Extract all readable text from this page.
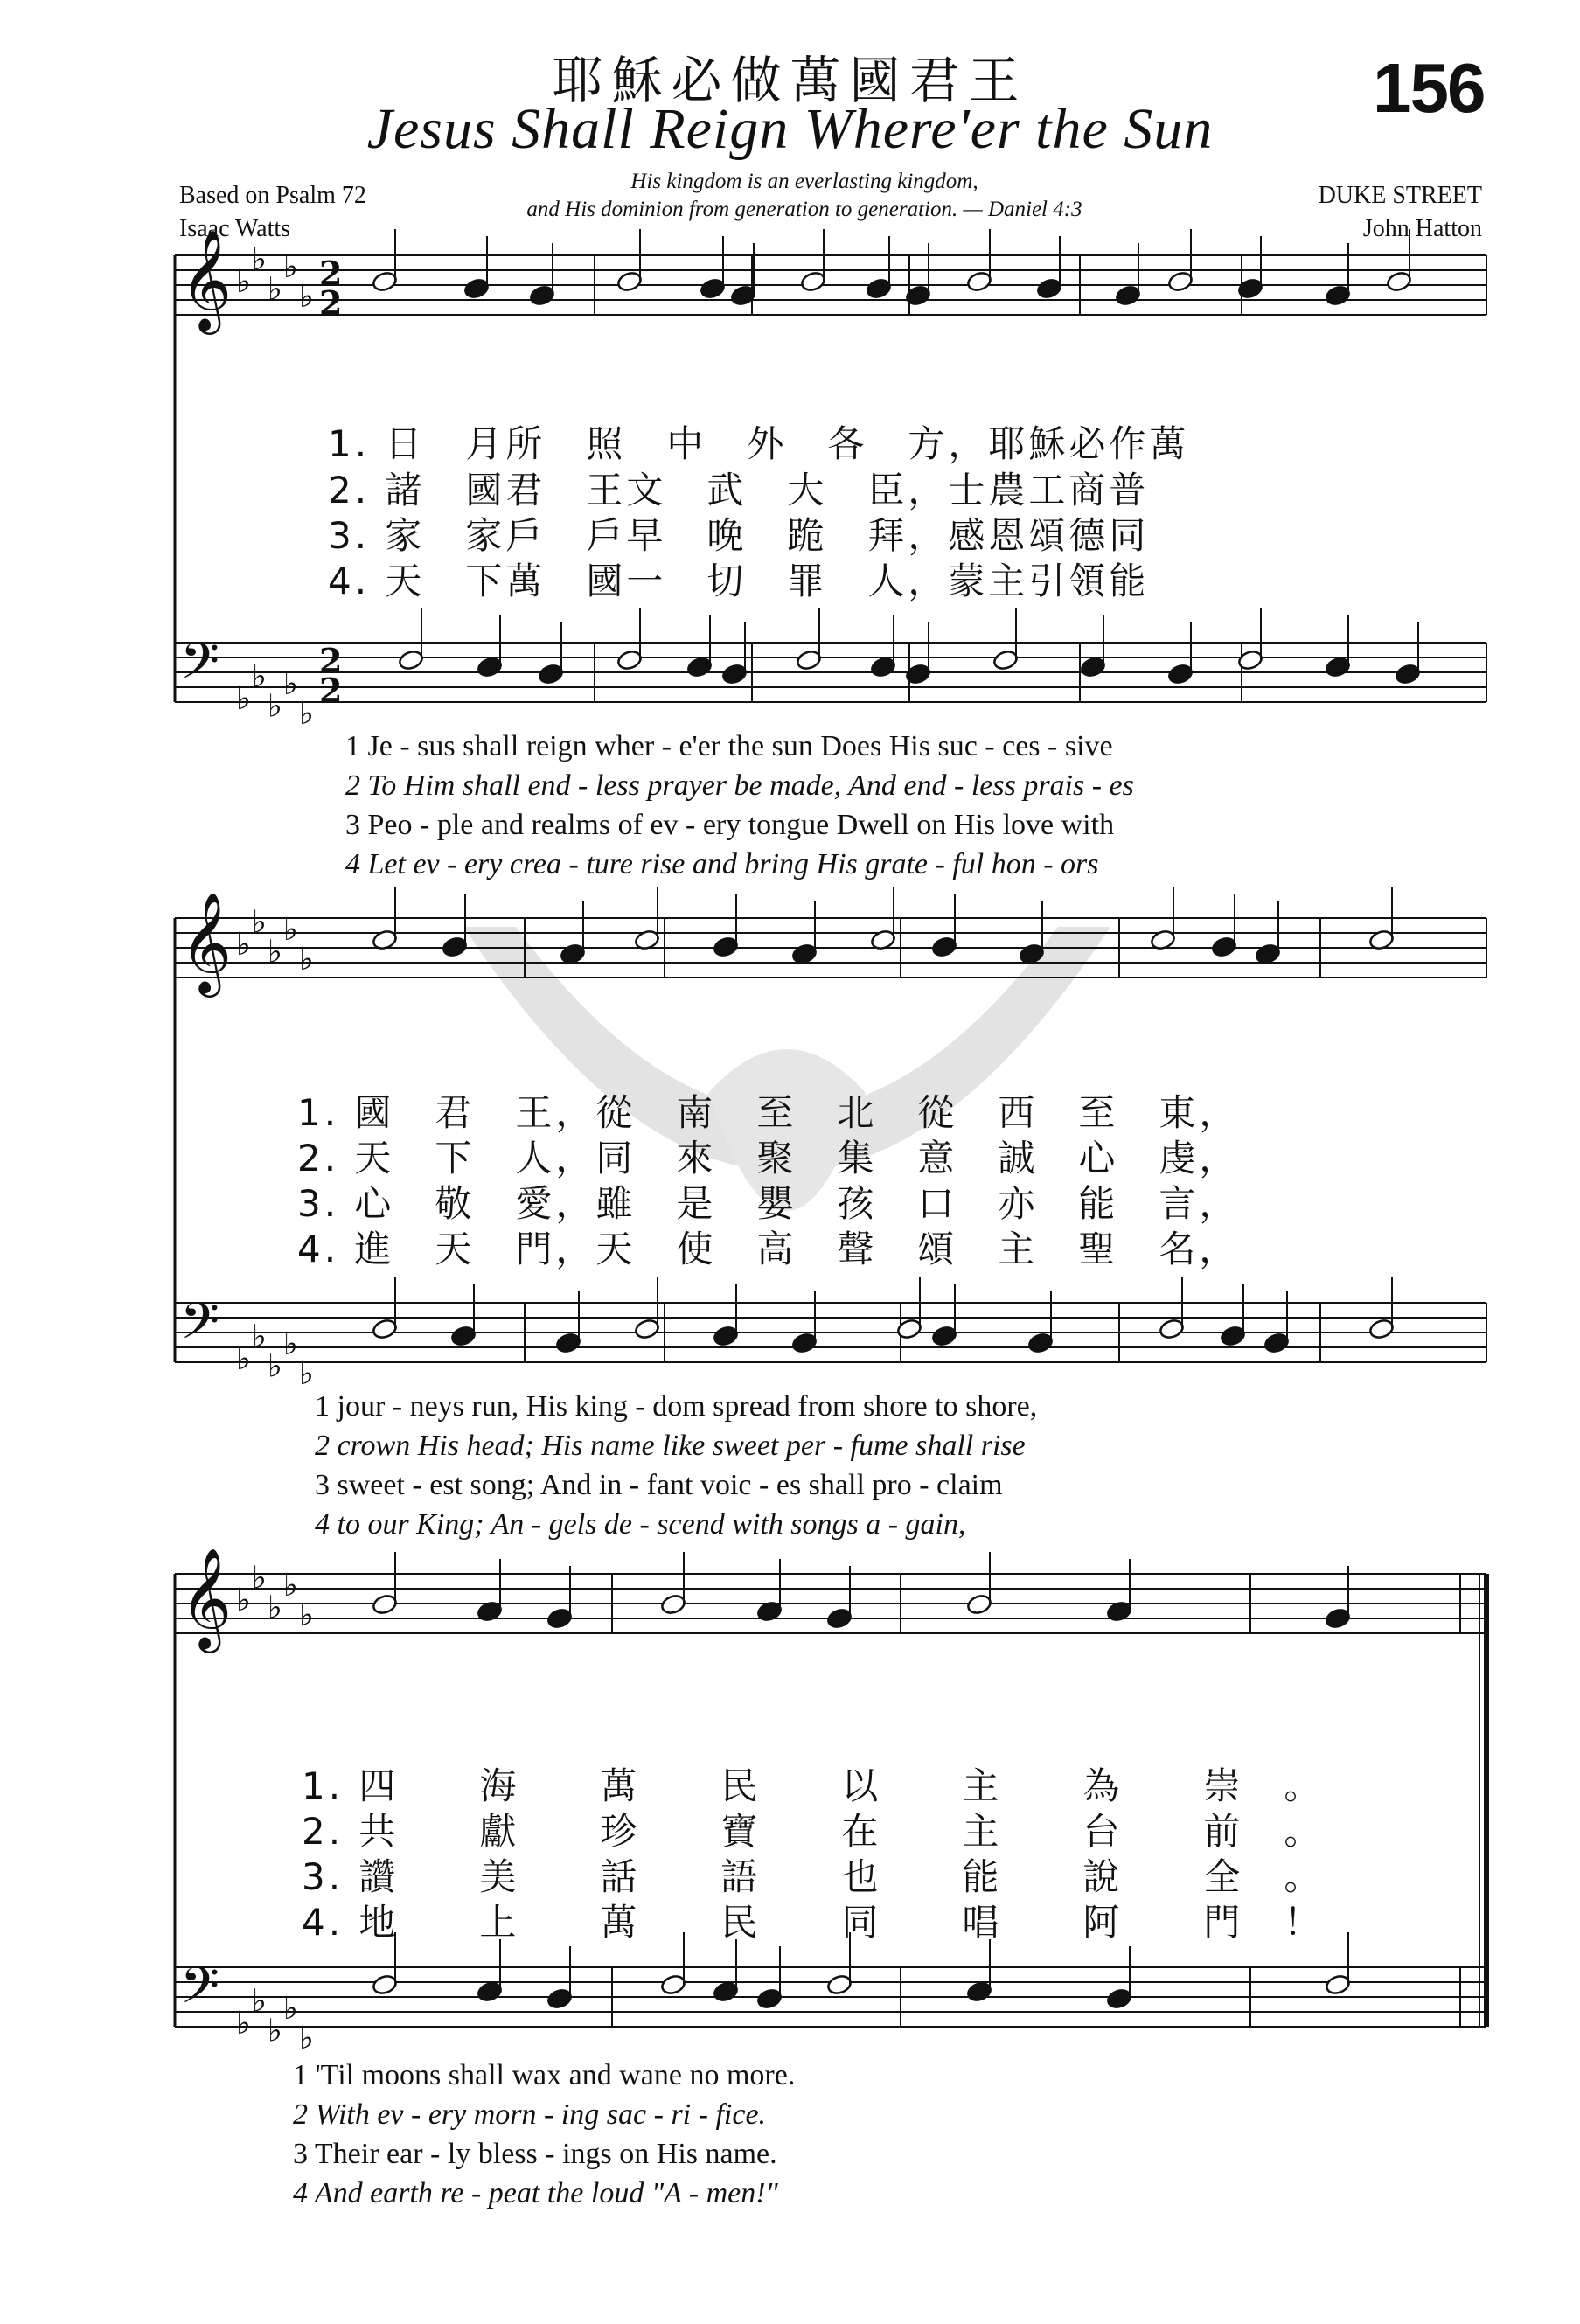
耶穌必做萬國君王
Jesus Shall Reign Where'er the Sun
156
Based on Psalm 72
Isaac Watts
His kingdom is an everlasting kingdom,
and His dominion from generation to generation. — Daniel 4:3
DUKE STREET
John Hatton
𝄞 ♭
♭
♭
♭
♭
2
2
𝄢 ♭
♭
♭
♭
♭
2
2
𝄞 ♭
♭
♭
♭
♭
𝄢 ♭
♭
♭
♭
♭
𝄞 ♭
♭
♭
♭
♭
𝄢 ♭
♭
♭
♭
♭
1. 日　月所　照　中　外　各　方，耶穌必作萬
2. 諸　國君　王文　武　大　臣，士農工商普
3. 家　家戶　戶早　晚　跪　拜，感恩頌德同
4. 天　下萬　國一　切　罪　人，蒙主引領能
1 Je - sus shall reign wher - e'er the sun Does His suc - ces - sive
2 To Him shall end - less prayer be made, And end - less prais - es
3 Peo - ple and realms of ev - ery tongue Dwell on His love with
4 Let ev - ery crea - ture rise and bring His grate - ful hon - ors
1. 國　君　王，從　南　至　北　從　西　至　東，
2. 天　下　人，同　來　聚　集　意　誠　心　虔，
3. 心　敬　愛，雖　是　嬰　孩　口　亦　能　言，
4. 進　天　門，天　使　高　聲　頌　主　聖　名，
1 jour - neys run, His king - dom spread from shore to shore,
2 crown His head; His name like sweet per - fume shall rise
3 sweet - est song; And in - fant voic - es shall pro - claim
4 to our King; An - gels de - scend with songs a - gain,
1. 四　　海　　萬　　民　　以　　主　　為　　崇　。
2. 共　　獻　　珍　　寶　　在　　主　　台　　前　。
3. 讚　　美　　話　　語　　也　　能　　說　　全　。
4. 地　　上　　萬　　民　　同　　唱　　阿　　門　！
1 'Til moons shall wax and wane no more.
2 With ev - ery morn - ing sac - ri - fice.
3 Their ear - ly bless - ings on His name.
4 And earth re - peat the loud "A - men!"
